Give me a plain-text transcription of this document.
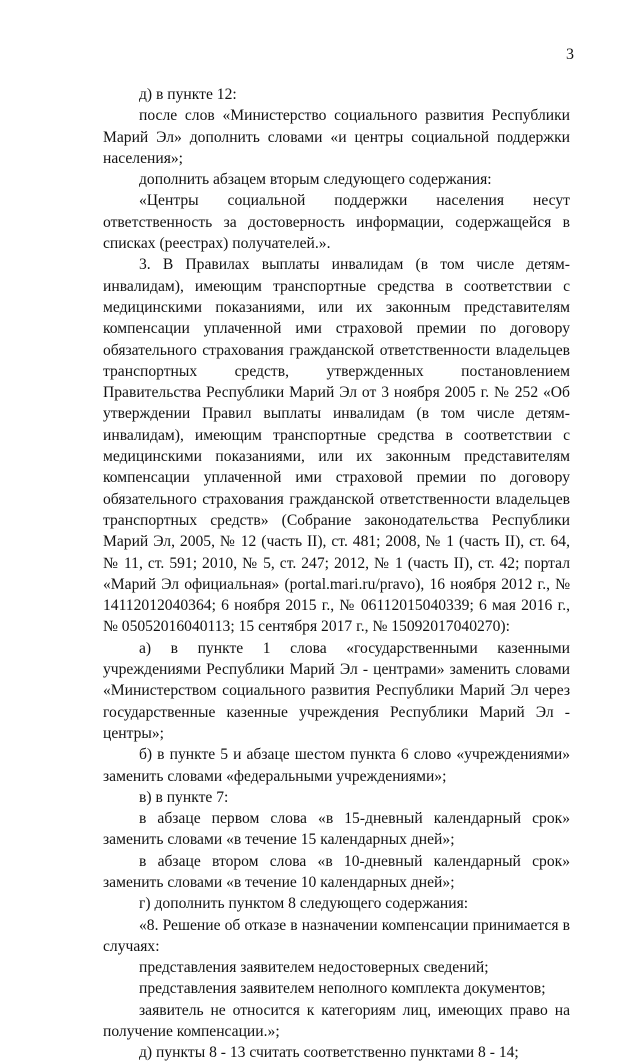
3

д) в пункте 12:

после слов «Министерство социального развития Республики Марий Эл» дополнить словами «и центры социальной поддержки населения»;

дополнить абзацем вторым следующего содержания:

«Центры социальной поддержки населения несут ответственность за достоверность информации, содержащейся в списках (реестрах) получателей.».

3. В Правилах выплаты инвалидам (в том числе детям-инвалидам), имеющим транспортные средства в соответствии с медицинскими показаниями, или их законным представителям компенсации уплаченной ими страховой премии по договору обязательного страхования гражданской ответственности владельцев транспортных средств, утвержденных постановлением Правительства Республики Марий Эл от 3 ноября 2005 г. № 252 «Об утверждении Правил выплаты инвалидам (в том числе детям-инвалидам), имеющим транспортные средства в соответствии с медицинскими показаниями, или их законным представителям компенсации уплаченной ими страховой премии по договору обязательного страхования гражданской ответственности владельцев транспортных средств» (Собрание законодательства Республики Марий Эл, 2005, № 12 (часть II), ст. 481; 2008, № 1 (часть II), ст. 64, № 11, ст. 591; 2010, № 5, ст. 247; 2012, № 1 (часть II), ст. 42; портал «Марий Эл официальная» (portal.mari.ru/pravo), 16 ноября 2012 г., № 14112012040364; 6 ноября 2015 г., № 06112015040339; 6 мая 2016 г., № 05052016040113; 15 сентября 2017 г., № 15092017040270):

а) в пункте 1 слова «государственными казенными учреждениями Республики Марий Эл - центрами» заменить словами «Министерством социального развития Республики Марий Эл через государственные казенные учреждения Республики Марий Эл - центры»;

б) в пункте 5 и абзаце шестом пункта 6 слово «учреждениями» заменить словами «федеральными учреждениями»;

в) в пункте 7:

в абзаце первом слова «в 15-дневный календарный срок» заменить словами «в течение 15 календарных дней»;

в абзаце втором слова «в 10-дневный календарный срок» заменить словами «в течение 10 календарных дней»;

г) дополнить пунктом 8 следующего содержания:

«8. Решение об отказе в назначении компенсации принимается в случаях:

представления заявителем недостоверных сведений;

представления заявителем неполного комплекта документов;

заявитель не относится к категориям лиц, имеющих право на получение компенсации.»;

д) пункты 8 - 13 считать соответственно пунктами 8 - 14;
